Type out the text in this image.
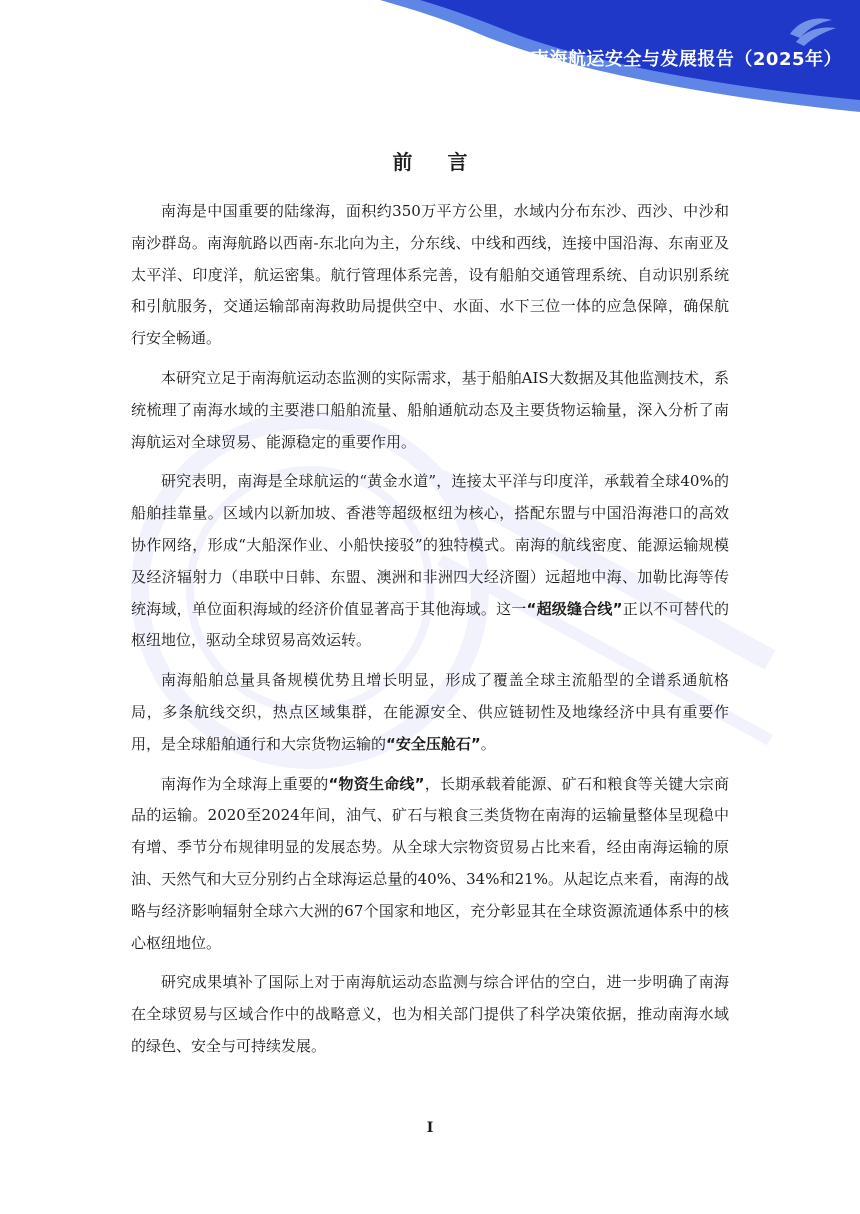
南海航运安全与发展报告（2025年）
前 言

南海是中国重要的陆缘海，面积约350万平方公里，水域内分布东沙、西沙、中沙和南沙群岛。南海航路以西南-东北向为主，分东线、中线和西线，连接中国沿海、东南亚及太平洋、印度洋，航运密集。航行管理体系完善，设有船舶交通管理系统、自动识别系统和引航服务，交通运输部南海救助局提供空中、水面、水下三位一体的应急保障，确保航行安全畅通。

本研究立足于南海航运动态监测的实际需求，基于船舶AIS大数据及其他监测技术，系统梳理了南海水域的主要港口船舶流量、船舶通航动态及主要货物运输量，深入分析了南海航运对全球贸易、能源稳定的重要作用。

研究表明，南海是全球航运的“黄金水道”，连接太平洋与印度洋，承载着全球40%的船舶挂靠量。区域内以新加坡、香港等超级枢纽为核心，搭配东盟与中国沿海港口的高效协作网络，形成“大船深作业、小船快接驳”的独特模式。南海的航线密度、能源运输规模及经济辐射力（串联中日韩、东盟、澳洲和非洲四大经济圈）远超地中海、加勒比海等传统海域，单位面积海域的经济价值显著高于其他海域。这一“超级缝合线”正以不可替代的枢纽地位，驱动全球贸易高效运转。

南海船舶总量具备规模优势且增长明显，形成了覆盖全球主流船型的全谱系通航格局，多条航线交织，热点区域集群，在能源安全、供应链韧性及地缘经济中具有重要作用，是全球船舶通行和大宗货物运输的“安全压舱石”。

南海作为全球海上重要的“物资生命线”，长期承载着能源、矿石和粮食等关键大宗商品的运输。2020至2024年间，油气、矿石与粮食三类货物在南海的运输量整体呈现稳中有增、季节分布规律明显的发展态势。从全球大宗物资贸易占比来看，经由南海运输的原油、天然气和大豆分别约占全球海运总量的40%、34%和21%。从起讫点来看，南海的战略与经济影响辐射全球六大洲的67个国家和地区，充分彰显其在全球资源流通体系中的核心枢纽地位。

研究成果填补了国际上对于南海航运动态监测与综合评估的空白，进一步明确了南海在全球贸易与区域合作中的战略意义，也为相关部门提供了科学决策依据，推动南海水域的绿色、安全与可持续发展。

I
